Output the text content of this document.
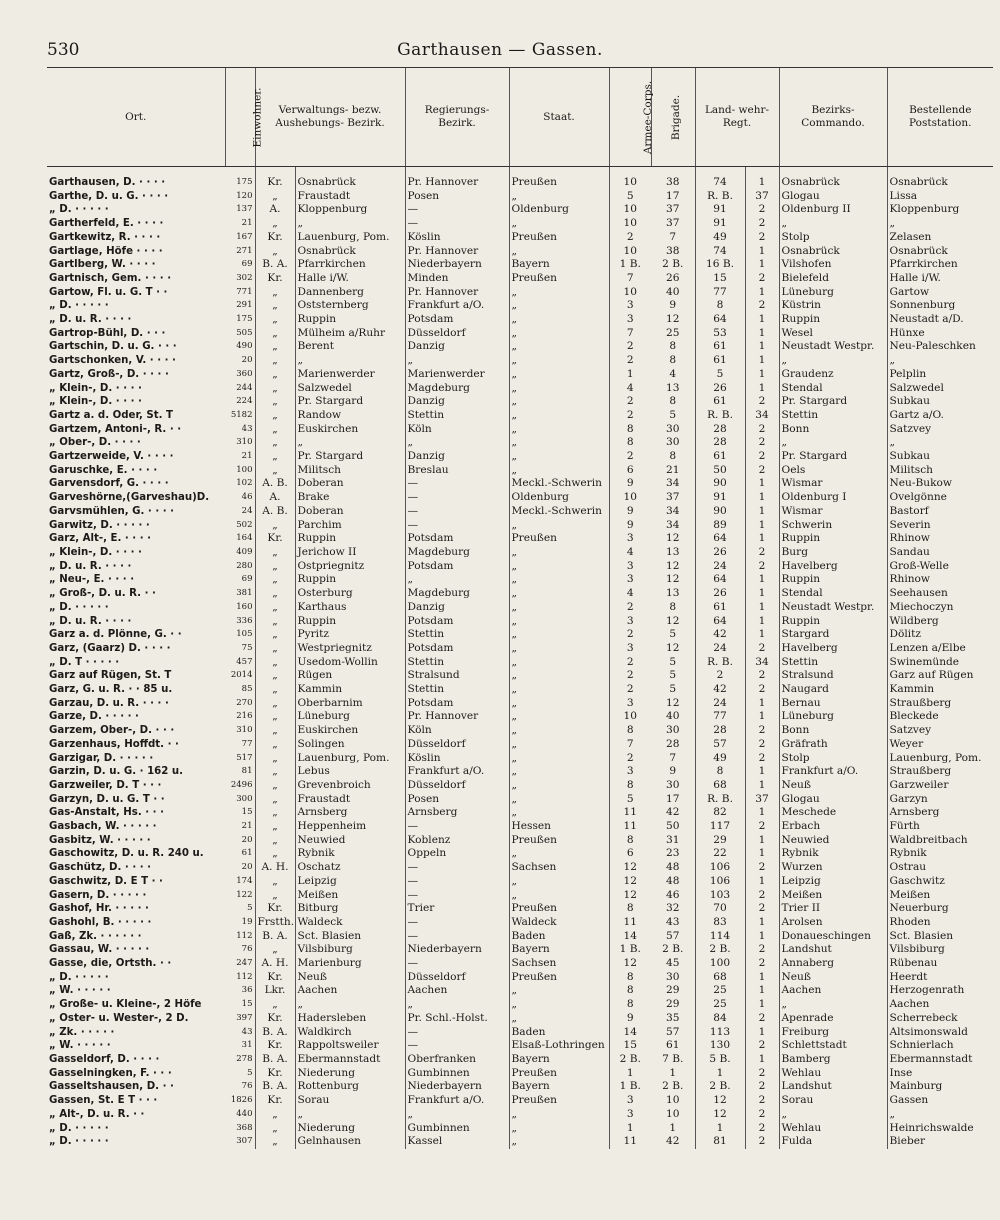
530	Garthausen — Gassen.
Ort.	Einwohner.	Verwaltungs- bezw. Aushebungs- Bezirk.		Regierungs- Bezirk.	Staat.	Armee-Corps.	Brigade.	Land- wehr- Regt.		Bezirks- Commando.	Bestellende Poststation.
Garthausen, D. · · · ·	175	Kr.	Osnabrück	Pr. Hannover	Preußen	10	38	74	1	Osnabrück	Osnabrück
Garthe, D. u. G. · · · ·	120	„	Fraustadt	Posen	„	5	17	R. B.	37	Glogau	Lissa
„ D. · · · · ·	137	A.	Kloppenburg	—	Oldenburg	10	37	91	2	Oldenburg II	Kloppenburg
Gartherfeld, E. · · · ·	21	„	„	—	„	10	37	91	2	„	„
Gartkewitz, R. · · · ·	167	Kr.	Lauenburg, Pom.	Köslin	Preußen	2	7	49	2	Stolp	Zelasen
Gartlage, Höfe · · · ·	271	„	Osnabrück	Pr. Hannover	„	10	38	74	1	Osnabrück	Osnabrück
Gartlberg, W. · · · ·	69	B. A.	Pfarrkirchen	Niederbayern	Bayern	1 B.	2 B.	16 B.	1	Vilshofen	Pfarrkirchen
Gartnisch, Gem. · · · ·	302	Kr.	Halle i/W.	Minden	Preußen	7	26	15	2	Bielefeld	Halle i/W.
Gartow, Fl. u. G. T · ·	771	„	Dannenberg	Pr. Hannover	„	10	40	77	1	Lüneburg	Gartow
„ D. · · · · ·	291	„	Oststernberg	Frankfurt a/O.	„	3	9	8	2	Küstrin	Sonnenburg
„ D. u. R. · · · ·	175	„	Ruppin	Potsdam	„	3	12	64	1	Ruppin	Neustadt a/D.
Gartrop-Bühl, D. · · ·	505	„	Mülheim a/Ruhr	Düsseldorf	„	7	25	53	1	Wesel	Hünxe
Gartschin, D. u. G. · · ·	490	„	Berent	Danzig	„	2	8	61	1	Neustadt Westpr.	Neu-Paleschken
Gartschonken, V. · · · ·	20	„	„	„	„	2	8	61	1	„	„
Gartz, Groß-, D. · · · ·	360	„	Marienwerder	Marienwerder	„	1	4	5	1	Graudenz	Pelplin
„ Klein-, D. · · · ·	244	„	Salzwedel	Magdeburg	„	4	13	26	1	Stendal	Salzwedel
„ Klein-, D. · · · ·	224	„	Pr. Stargard	Danzig	„	2	8	61	2	Pr. Stargard	Subkau
Gartz a. d. Oder, St. T	5182	„	Randow	Stettin	„	2	5	R. B.	34	Stettin	Gartz a/O.
Gartzem, Antoni-, R. · ·	43	„	Euskirchen	Köln	„	8	30	28	2	Bonn	Satzvey
„ Ober-, D. · · · ·	310	„	„	„	„	8	30	28	2	„	„
Gartzerweide, V. · · · ·	21	„	Pr. Stargard	Danzig	„	2	8	61	2	Pr. Stargard	Subkau
Garuschke, E. · · · ·	100	„	Militsch	Breslau	„	6	21	50	2	Oels	Militsch
Garvensdorf, G. · · · ·	102	A. B.	Doberan	—	Meckl.-Schwerin	9	34	90	1	Wismar	Neu-Bukow
Garveshörne,(Garveshau)D.	46	A.	Brake	—	Oldenburg	10	37	91	1	Oldenburg I	Ovelgönne
Garvsmühlen, G. · · · ·	24	A. B.	Doberan	—	Meckl.-Schwerin	9	34	90	1	Wismar	Bastorf
Garwitz, D. · · · · ·	502	„	Parchim	—	„	9	34	89	1	Schwerin	Severin
Garz, Alt-, E. · · · ·	164	Kr.	Ruppin	Potsdam	Preußen	3	12	64	1	Ruppin	Rhinow
„ Klein-, D. · · · ·	409	„	Jerichow II	Magdeburg	„	4	13	26	2	Burg	Sandau
„ D. u. R. · · · ·	280	„	Ostpriegnitz	Potsdam	„	3	12	24	2	Havelberg	Groß-Welle
„ Neu-, E. · · · ·	69	„	Ruppin	„	„	3	12	64	1	Ruppin	Rhinow
„ Groß-, D. u. R. · ·	381	„	Osterburg	Magdeburg	„	4	13	26	1	Stendal	Seehausen
„ D. · · · · ·	160	„	Karthaus	Danzig	„	2	8	61	1	Neustadt Westpr.	Miechoczyn
„ D. u. R. · · · ·	336	„	Ruppin	Potsdam	„	3	12	64	1	Ruppin	Wildberg
Garz a. d. Plönne, G. · ·	105	„	Pyritz	Stettin	„	2	5	42	1	Stargard	Dölitz
Garz, (Gaarz) D. · · · ·	75	„	Westpriegnitz	Potsdam	„	3	12	24	2	Havelberg	Lenzen a/Elbe
„ D. T · · · · ·	457	„	Usedom-Wollin	Stettin	„	2	5	R. B.	34	Stettin	Swinemünde
Garz auf Rügen, St. T	2014	„	Rügen	Stralsund	„	2	5	2	2	Stralsund	Garz auf Rügen
Garz, G. u. R. · · 85 u.	85	„	Kammin	Stettin	„	2	5	42	2	Naugard	Kammin
Garzau, D. u. R. · · · ·	270	„	Oberbarnim	Potsdam	„	3	12	24	1	Bernau	Straußberg
Garze, D. · · · · ·	216	„	Lüneburg	Pr. Hannover	„	10	40	77	1	Lüneburg	Bleckede
Garzem, Ober-, D. · · ·	310	„	Euskirchen	Köln	„	8	30	28	2	Bonn	Satzvey
Garzenhaus, Hoffdt. · ·	77	„	Solingen	Düsseldorf	„	7	28	57	2	Gräfrath	Weyer
Garzigar, D. · · · · ·	517	„	Lauenburg, Pom.	Köslin	„	2	7	49	2	Stolp	Lauenburg, Pom.
Garzin, D. u. G. · 162 u.	81	„	Lebus	Frankfurt a/O.	„	3	9	8	1	Frankfurt a/O.	Straußberg
Garzweiler, D. T · · ·	2496	„	Grevenbroich	Düsseldorf	„	8	30	68	1	Neuß	Garzweiler
Garzyn, D. u. G. T · ·	300	„	Fraustadt	Posen	„	5	17	R. B.	37	Glogau	Garzyn
Gas-Anstalt, Hs. · · ·	15	„	Arnsberg	Arnsberg	„	11	42	82	1	Meschede	Arnsberg
Gasbach, W. · · · · ·	21	„	Heppenheim	—	Hessen	11	50	117	2	Erbach	Fürth
Gasbitz, W. · · · · ·	20	„	Neuwied	Koblenz	Preußen	8	31	29	1	Neuwied	Waldbreitbach
Gaschowitz, D. u. R. 240 u.	61	„	Rybnik	Oppeln	„	6	23	22	1	Rybnik	Rybnik
Gaschütz, D. · · · ·	20	A. H.	Oschatz	—	Sachsen	12	48	106	2	Wurzen	Ostrau
Gaschwitz, D. E T · ·	174	„	Leipzig	—	„	12	48	106	1	Leipzig	Gaschwitz
Gasern, D. · · · · ·	122	„	Meißen	—	„	12	46	103	2	Meißen	Meißen
Gashof, Hr. · · · · ·	5	Kr.	Bitburg	Trier	Preußen	8	32	70	2	Trier II	Neuerburg
Gashohl, B. · · · · ·	19	Frstth.	Waldeck	—	Waldeck	11	43	83	1	Arolsen	Rhoden
Gaß, Zk. · · · · · ·	112	B. A.	Sct. Blasien	—	Baden	14	57	114	1	Donaueschingen	Sct. Blasien
Gassau, W. · · · · ·	76	„	Vilsbiburg	Niederbayern	Bayern	1 B.	2 B.	2 B.	2	Landshut	Vilsbiburg
Gasse, die, Ortsth. · ·	247	A. H.	Marienburg	—	Sachsen	12	45	100	2	Annaberg	Rübenau
„ D. · · · · ·	112	Kr.	Neuß	Düsseldorf	Preußen	8	30	68	1	Neuß	Heerdt
„ W. · · · · ·	36	Lkr.	Aachen	Aachen	„	8	29	25	1	Aachen	Herzogenrath
„ Große- u. Kleine-, 2 Höfe	15	„	„	„	„	8	29	25	1	„	Aachen
„ Oster- u. Wester-, 2 D.	397	Kr.	Hadersleben	Pr. Schl.-Holst.	„	9	35	84	2	Apenrade	Scherrebeck
„ Zk. · · · · ·	43	B. A.	Waldkirch	—	Baden	14	57	113	1	Freiburg	Altsimonswald
„ W. · · · · ·	31	Kr.	Rappoltsweiler	—	Elsaß-Lothringen	15	61	130	2	Schlettstadt	Schnierlach
Gasseldorf, D. · · · ·	278	B. A.	Ebermannstadt	Oberfranken	Bayern	2 B.	7 B.	5 B.	1	Bamberg	Ebermannstadt
Gasselningken, F. · · ·	5	Kr.	Niederung	Gumbinnen	Preußen	1	1	1	2	Wehlau	Inse
Gasseltshausen, D. · ·	76	B. A.	Rottenburg	Niederbayern	Bayern	1 B.	2 B.	2 B.	2	Landshut	Mainburg
Gassen, St. E T · · ·	1826	Kr.	Sorau	Frankfurt a/O.	Preußen	3	10	12	2	Sorau	Gassen
„ Alt-, D. u. R. · ·	440	„	„	„	„	3	10	12	2	„	„
„ D. · · · · ·	368	„	Niederung	Gumbinnen	„	1	1	1	2	Wehlau	Heinrichswalde
„ D. · · · · ·	307	„	Gelnhausen	Kassel	„	11	42	81	2	Fulda	Bieber
